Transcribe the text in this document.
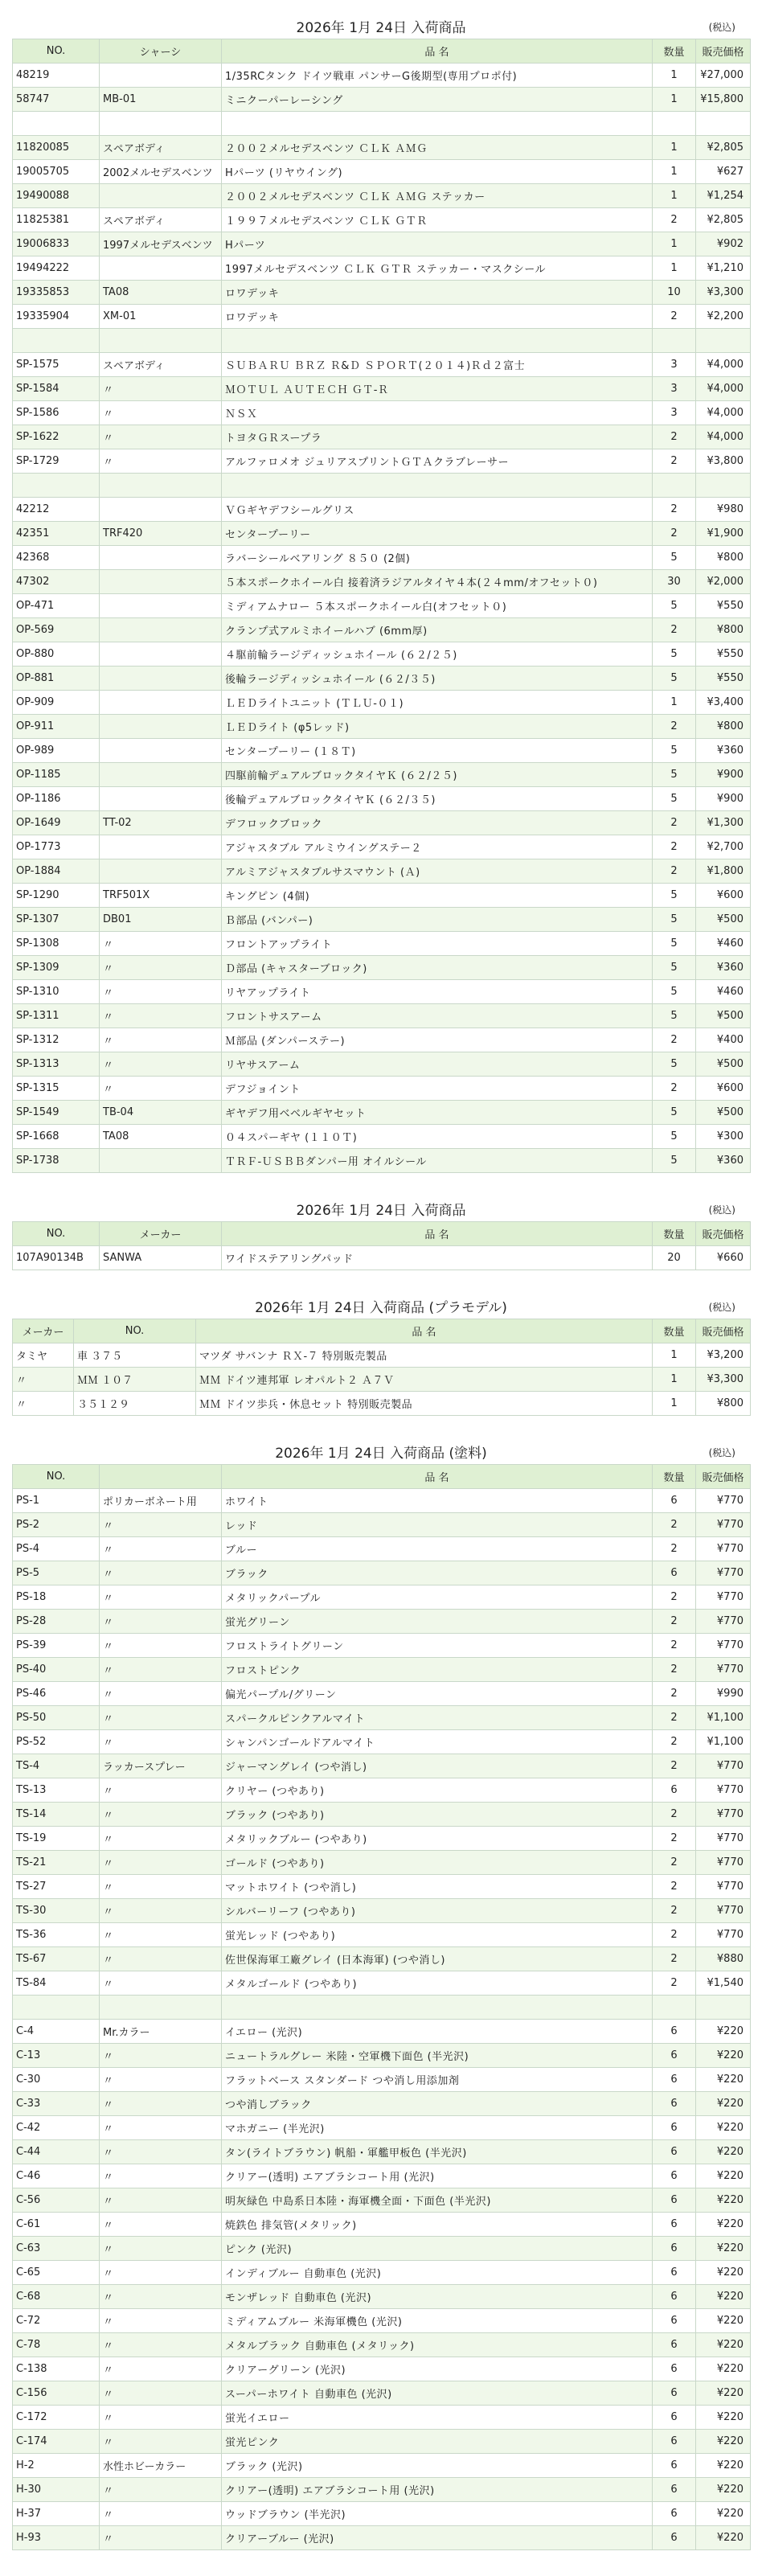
2026年 1月 24日 入荷商品	(税込)
NO.	シャーシ	品 名	数量	販売価格
48219		1/35RCタンク ドイツ戦車 パンサーG後期型(専用プロポ付)	1	¥27,000
58747	MB-01	ミニクーパーレーシング	1	¥15,800

11820085	スペアボディ	２００２メルセデスベンツ ＣＬＫ ＡＭＧ	1	¥2,805
19005705	2002メルセデスベンツ	Hパーツ (リヤウイング)	1	¥627
19490088		２００２メルセデスベンツ ＣＬＫ ＡＭＧ ステッカー	1	¥1,254
11825381	スペアボディ	１９９７メルセデスベンツ ＣＬＫ ＧＴＲ	2	¥2,805
19006833	1997メルセデスベンツ	Hパーツ	1	¥902
19494222		1997メルセデスベンツ ＣＬＫ ＧＴＲ ステッカー・マスクシール	1	¥1,210
19335853	TA08	ロワデッキ	10	¥3,300
19335904	XM-01	ロワデッキ	2	¥2,200

SP-1575	スペアボディ	ＳＵＢＡＲＵ ＢＲＺ Ｒ&Ｄ ＳＰＯＲＴ(２０１４)Ｒｄ２富士	3	¥4,000
SP-1584	〃	ＭＯＴＵＬ ＡＵＴＥＣＨ ＧＴ-Ｒ	3	¥4,000
SP-1586	〃	ＮＳＸ	3	¥4,000
SP-1622	〃	トヨタＧＲスープラ	2	¥4,000
SP-1729	〃	アルファロメオ ジュリアスプリントＧＴＡクラブレーサー	2	¥3,800

42212		ＶＧギヤデフシールグリス	2	¥980
42351	TRF420	センタープーリー	2	¥1,900
42368		ラバーシールベアリング ８５０ (2個)	5	¥800
47302		５本スポークホイール白 接着済ラジアルタイヤ４本(２４mm/オフセット０)	30	¥2,000
OP-471		ミディアムナロー ５本スポークホイール白(オフセット０)	5	¥550
OP-569		クランプ式アルミホイールハブ (6mm厚)	2	¥800
OP-880		４駆前輪ラージディッシュホイール (６２/２５)	5	¥550
OP-881		後輪ラージディッシュホイール (６２/３５)	5	¥550
OP-909		ＬＥＤライトユニット (ＴＬＵ-０１)	1	¥3,400
OP-911		ＬＥＤライト (φ5レッド)	2	¥800
OP-989		センタープーリー (１８Ｔ)	5	¥360
OP-1185		四駆前輪デュアルブロックタイヤＫ (６２/２５)	5	¥900
OP-1186		後輪デュアルブロックタイヤＫ (６２/３５)	5	¥900
OP-1649	TT-02	デフロックブロック	2	¥1,300
OP-1773		アジャスタブル アルミウイングステー２	2	¥2,700
OP-1884		アルミアジャスタブルサスマウント (Ａ)	2	¥1,800
SP-1290	TRF501X	キングピン (4個)	5	¥600
SP-1307	DB01	Ｂ部品 (バンパー)	5	¥500
SP-1308	〃	フロントアップライト	5	¥460
SP-1309	〃	Ｄ部品 (キャスターブロック)	5	¥360
SP-1310	〃	リヤアップライト	5	¥460
SP-1311	〃	フロントサスアーム	5	¥500
SP-1312	〃	Ｍ部品 (ダンパーステー)	2	¥400
SP-1313	〃	リヤサスアーム	5	¥500
SP-1315	〃	デフジョイント	2	¥600
SP-1549	TB-04	ギヤデフ用ベベルギヤセット	5	¥500
SP-1668	TA08	０４スパーギヤ (１１０Ｔ)	5	¥300
SP-1738		ＴＲＦ-ＵＳＢＢダンパー用 オイルシール	5	¥360
2026年 1月 24日 入荷商品	(税込)
NO.	メーカー	品 名	数量	販売価格
107A90134B	SANWA	ワイドステアリングパッド	20	¥660
2026年 1月 24日 入荷商品 (プラモデル)	(税込)
メーカー	NO.	品 名	数量	販売価格
タミヤ	車 ３７５	マツダ サバンナ ＲＸ-７ 特別販売製品	1	¥3,200
〃	ＭＭ １０７	ＭＭ ドイツ連邦軍 レオパルト２ Ａ７Ｖ	1	¥3,300
〃	３５１２９	ＭＭ ドイツ歩兵・休息セット 特別販売製品	1	¥800
2026年 1月 24日 入荷商品 (塗料)	(税込)
NO.		品 名	数量	販売価格
PS-1	ポリカーボネート用	ホワイト	6	¥770
PS-2	〃	レッド	2	¥770
PS-4	〃	ブルー	2	¥770
PS-5	〃	ブラック	6	¥770
PS-18	〃	メタリックパープル	2	¥770
PS-28	〃	蛍光グリーン	2	¥770
PS-39	〃	フロストライトグリーン	2	¥770
PS-40	〃	フロストピンク	2	¥770
PS-46	〃	偏光パープル/グリーン	2	¥990
PS-50	〃	スパークルピンクアルマイト	2	¥1,100
PS-52	〃	シャンパンゴールドアルマイト	2	¥1,100
TS-4	ラッカースプレー	ジャーマングレイ (つや消し)	2	¥770
TS-13	〃	クリヤー (つやあり)	6	¥770
TS-14	〃	ブラック (つやあり)	2	¥770
TS-19	〃	メタリックブルー (つやあり)	2	¥770
TS-21	〃	ゴールド (つやあり)	2	¥770
TS-27	〃	マットホワイト (つや消し)	2	¥770
TS-30	〃	シルバーリーフ (つやあり)	2	¥770
TS-36	〃	蛍光レッド (つやあり)	2	¥770
TS-67	〃	佐世保海軍工廠グレイ (日本海軍) (つや消し)	2	¥880
TS-84	〃	メタルゴールド (つやあり)	2	¥1,540

C-4	Mr.カラー	イエロー (光沢)	6	¥220
C-13	〃	ニュートラルグレー 米陸・空軍機下面色 (半光沢)	6	¥220
C-30	〃	フラットベース スタンダード つや消し用添加剤	6	¥220
C-33	〃	つや消しブラック	6	¥220
C-42	〃	マホガニー (半光沢)	6	¥220
C-44	〃	タン(ライトブラウン) 帆船・軍艦甲板色 (半光沢)	6	¥220
C-46	〃	クリアー(透明) エアブラシコート用 (光沢)	6	¥220
C-56	〃	明灰緑色 中島系日本陸・海軍機全面・下面色 (半光沢)	6	¥220
C-61	〃	焼鉄色 排気管(メタリック)	6	¥220
C-63	〃	ピンク (光沢)	6	¥220
C-65	〃	インディブルー 自動車色 (光沢)	6	¥220
C-68	〃	モンザレッド 自動車色 (光沢)	6	¥220
C-72	〃	ミディアムブルー 米海軍機色 (光沢)	6	¥220
C-78	〃	メタルブラック 自動車色 (メタリック)	6	¥220
C-138	〃	クリアーグリーン (光沢)	6	¥220
C-156	〃	スーパーホワイト 自動車色 (光沢)	6	¥220
C-172	〃	蛍光イエロー	6	¥220
C-174	〃	蛍光ピンク	6	¥220
H-2	水性ホビーカラー	ブラック (光沢)	6	¥220
H-30	〃	クリアー(透明) エアブラシコート用 (光沢)	6	¥220
H-37	〃	ウッドブラウン (半光沢)	6	¥220
H-93	〃	クリアーブルー (光沢)	6	¥220
